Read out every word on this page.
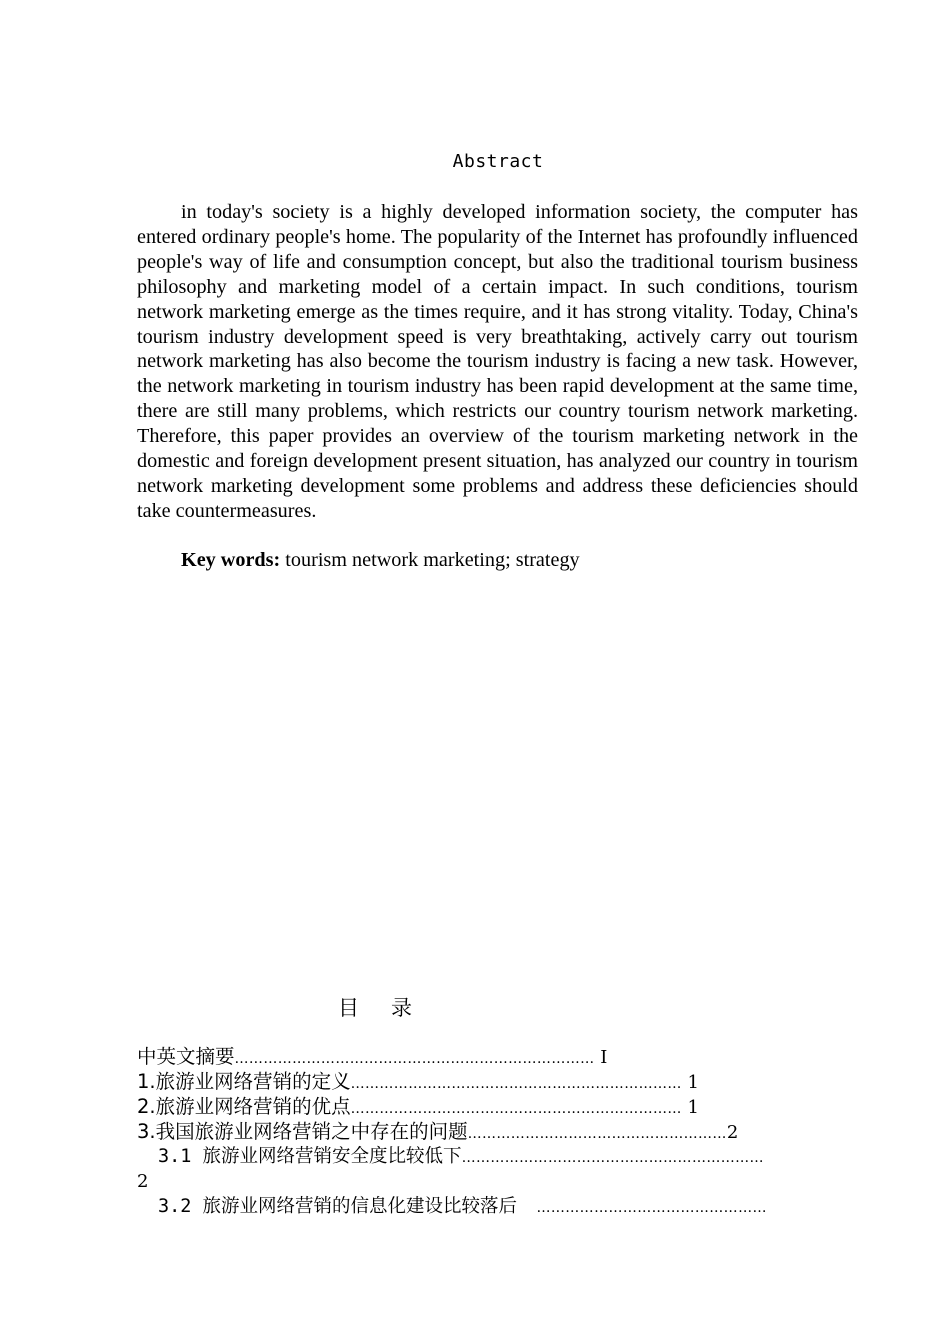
Abstract

in today's society is a highly developed information society, the computer has entered ordinary people's home. The popularity of the Internet has profoundly influenced people's way of life and consumption concept, but also the traditional tourism business philosophy and marketing model of a certain impact. In such conditions, tourism network marketing emerge as the times require, and it has strong vitality. Today, China's tourism industry development speed is very breathtaking, actively carry out tourism network marketing has also become the tourism industry is facing a new task. However, the network marketing in tourism industry has been rapid development at the same time, there are still many problems, which restricts our country tourism network marketing. Therefore, this paper provides an overview of the tourism marketing network in the domestic and foreign development present situation, has analyzed our country in tourism network marketing development some problems and address these deficiencies should take countermeasures.

Key words: tourism network marketing; strategy
目 录
中英文摘要………………………………………………………………… Ⅰ
1.旅游业网络营销的定义…………………………………………………………… 1
2.旅游业网络营销的优点…………………………………………………………… 1
3.我国旅游业网络营销之中存在的问题………………………………………………2
3.1 旅游业网络营销安全度比较低下………………………………………………………
2
3.2 旅游业网络营销的信息化建设比较落后    …………………………………………
